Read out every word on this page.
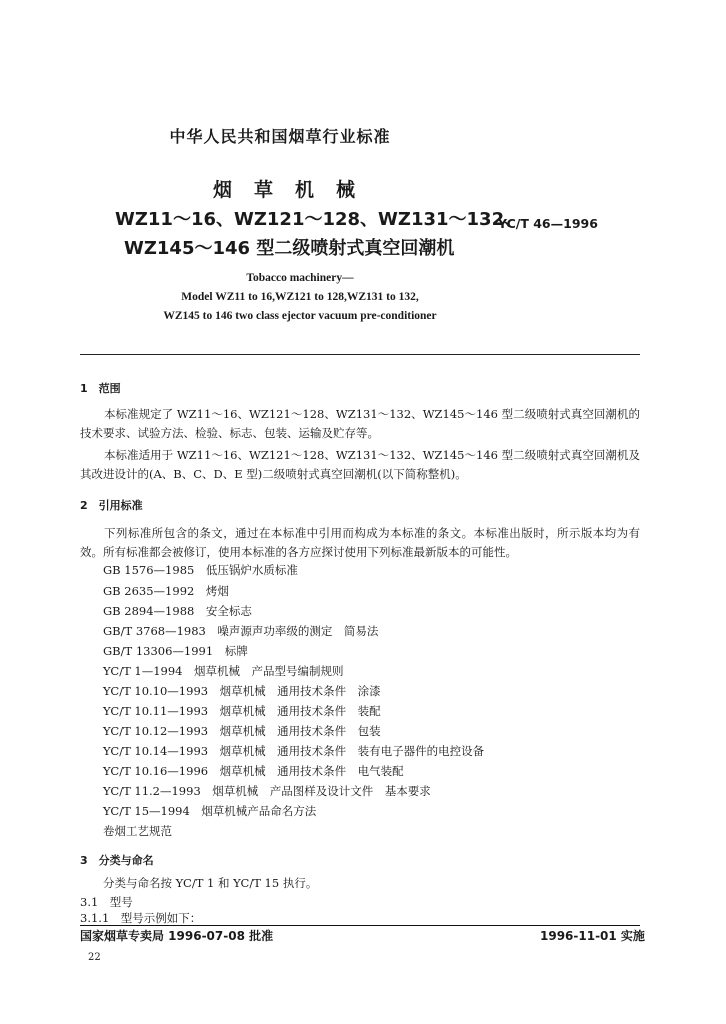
中华人民共和国烟草行业标准
烟草机械
WZ11～16、WZ121～128、WZ131～132、
WZ145～146 型二级喷射式真空回潮机
YC/T 46—1996
Tobacco machinery—
Model WZ11 to 16,WZ121 to 128,WZ131 to 132,
WZ145 to 146 two class ejector vacuum pre-conditioner
1　范围
本标准规定了 WZ11～16、WZ121～128、WZ131～132、WZ145～146 型二级喷射式真空回潮机的技术要求、试验方法、检验、标志、包装、运输及贮存等。
本标准适用于 WZ11～16、WZ121～128、WZ131～132、WZ145～146 型二级喷射式真空回潮机及其改进设计的(A、B、C、D、E 型)二级喷射式真空回潮机(以下简称整机)。
2　引用标准
下列标准所包含的条文，通过在本标准中引用而构成为本标准的条文。本标准出版时，所示版本均为有效。所有标准都会被修订，使用本标准的各方应探讨使用下列标准最新版本的可能性。
GB 1576—1985　低压锅炉水质标准
GB 2635—1992　烤烟
GB 2894—1988　安全标志
GB/T 3768—1983　噪声源声功率级的测定　简易法
GB/T 13306—1991　标牌
YC/T 1—1994　烟草机械　产品型号编制规则
YC/T 10.10—1993　烟草机械　通用技术条件　涂漆
YC/T 10.11—1993　烟草机械　通用技术条件　装配
YC/T 10.12—1993　烟草机械　通用技术条件　包装
YC/T 10.14—1993　烟草机械　通用技术条件　装有电子器件的电控设备
YC/T 10.16—1996　烟草机械　通用技术条件　电气装配
YC/T 11.2—1993　烟草机械　产品图样及设计文件　基本要求
YC/T 15—1994　烟草机械产品命名方法
卷烟工艺规范
3　分类与命名
分类与命名按 YC/T 1 和 YC/T 15 执行。
3.1　型号
3.1.1　型号示例如下：
国家烟草专卖局 1996-07-08 批准	1996-11-01 实施
22
